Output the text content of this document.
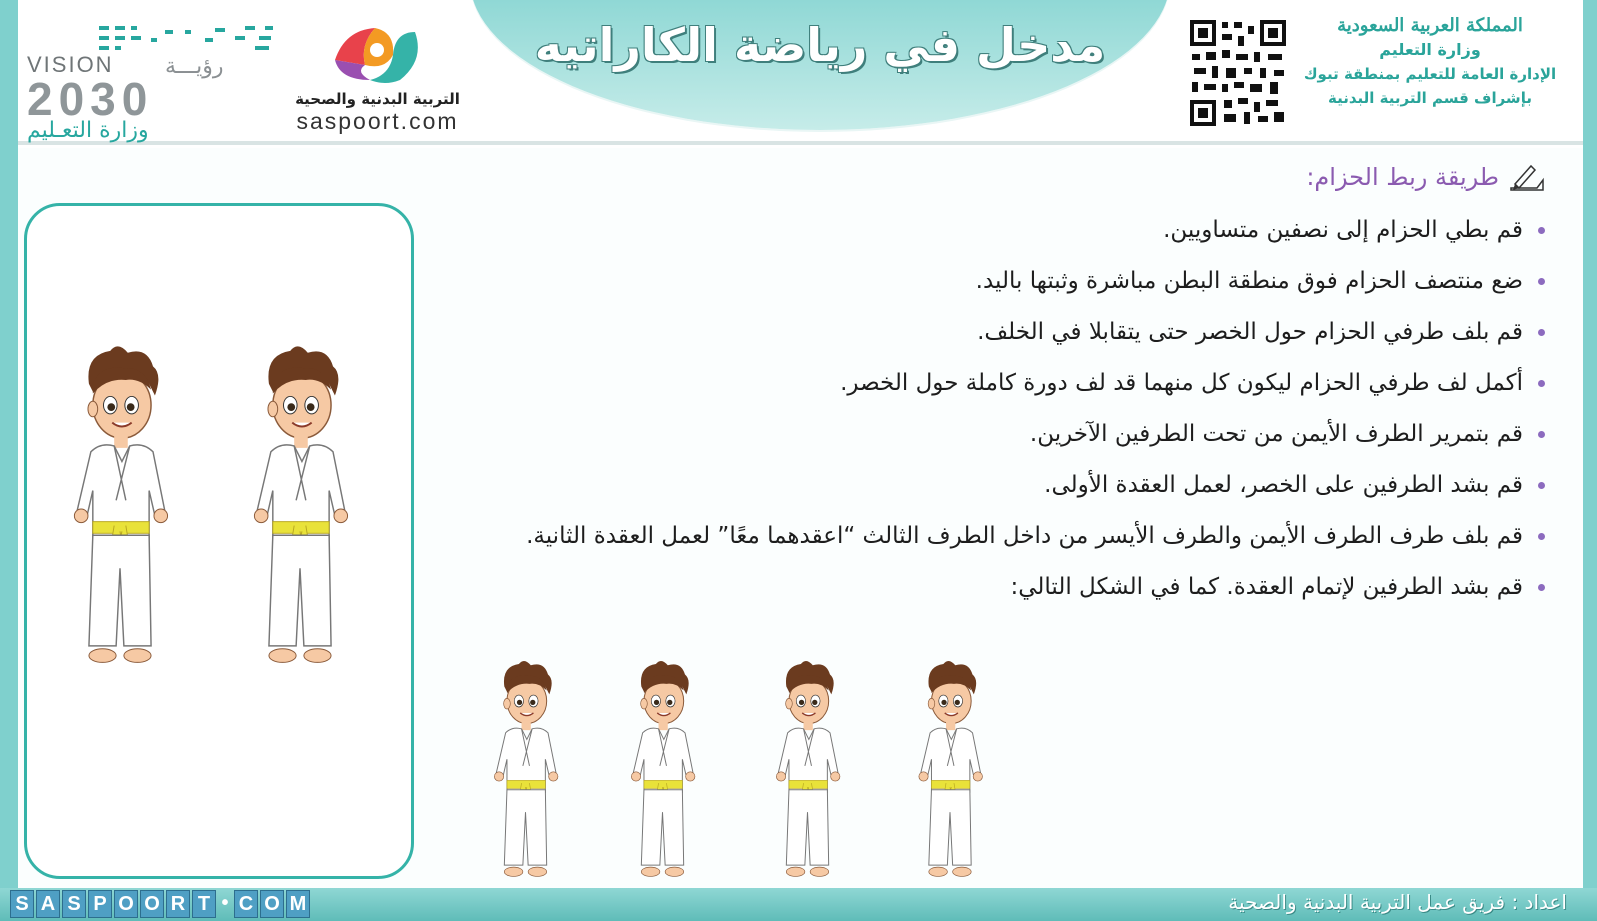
مدخل في رياضة الكاراتيه
VISION رؤيـــة
2030
وزارة التعـليم
التربية البدنية والصحية
saspoort.com
المملكة العربية السعودية
وزارة التعليم
الإدارة العامة للتعليم بمنطقة تبوك
بإشراف قسم التربية البدنية
طريقة ربط الحزام:
قم بطي الحزام إلى نصفين متساويين.
ضع منتصف الحزام فوق منطقة البطن مباشرة وثبتها باليد.
قم بلف طرفي الحزام حول الخصر حتى يتقابلا في الخلف.
أكمل لف طرفي الحزام ليكون كل منهما قد لف دورة كاملة حول الخصر.
قم بتمرير الطرف الأيمن من تحت الطرفين الآخرين.
قم بشد الطرفين على الخصر، لعمل العقدة الأولى.
قم بلف طرف الطرف الأيمن والطرف الأيسر من داخل الطرف الثالث “اعقدهما معًا” لعمل العقدة الثانية.
قم بشد الطرفين لإتمام العقدة. كما في الشكل التالي:
S A S P O O R T • C O M	اعداد : فريق عمل التربية البدنية والصحية
